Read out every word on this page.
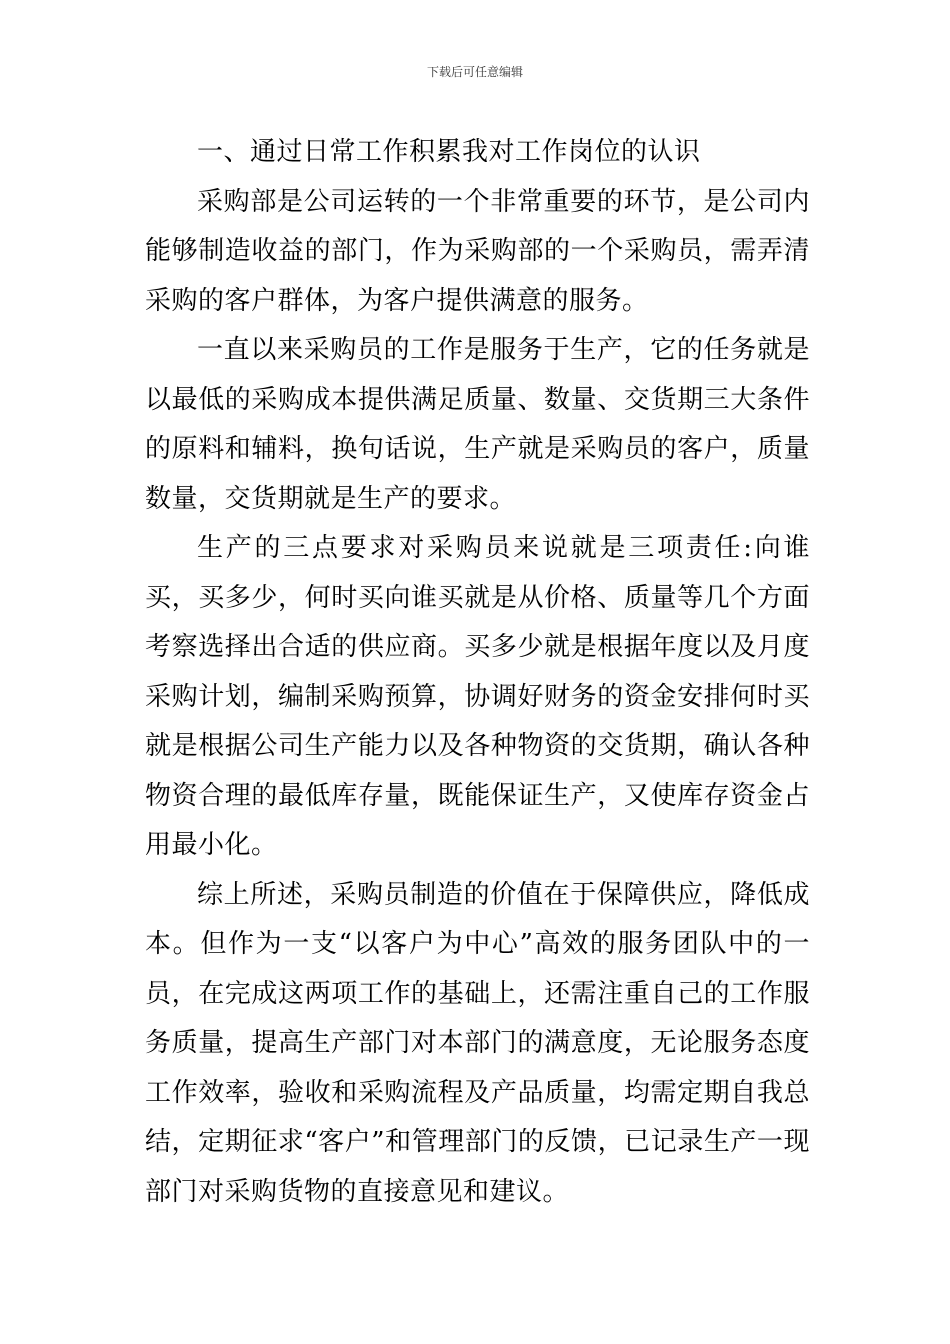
下载后可任意编辑

一、通过日常工作积累我对工作岗位的认识

采购部是公司运转的一个非常重要的环节，是公司内能够制造收益的部门，作为采购部的一个采购员，需弄清采购的客户群体，为客户提供满意的服务。

一直以来采购员的工作是服务于生产，它的任务就是以最低的采购成本提供满足质量、数量、交货期三大条件的原料和辅料，换句话说，生产就是采购员的客户，质量数量，交货期就是生产的要求。

生产的三点要求对采购员来说就是三项责任:向谁买，买多少，何时买向谁买就是从价格、质量等几个方面考察选择出合适的供应商。买多少就是根据年度以及月度采购计划，编制采购预算，协调好财务的资金安排何时买就是根据公司生产能力以及各种物资的交货期，确认各种物资合理的最低库存量，既能保证生产，又使库存资金占用最小化。

综上所述，采购员制造的价值在于保障供应，降低成本。但作为一支“以客户为中心”高效的服务团队中的一员，在完成这两项工作的基础上，还需注重自己的工作服务质量，提高生产部门对本部门的满意度，无论服务态度工作效率，验收和采购流程及产品质量，均需定期自我总结，定期征求“客户”和管理部门的反馈，已记录生产一现部门对采购货物的直接意见和建议。
